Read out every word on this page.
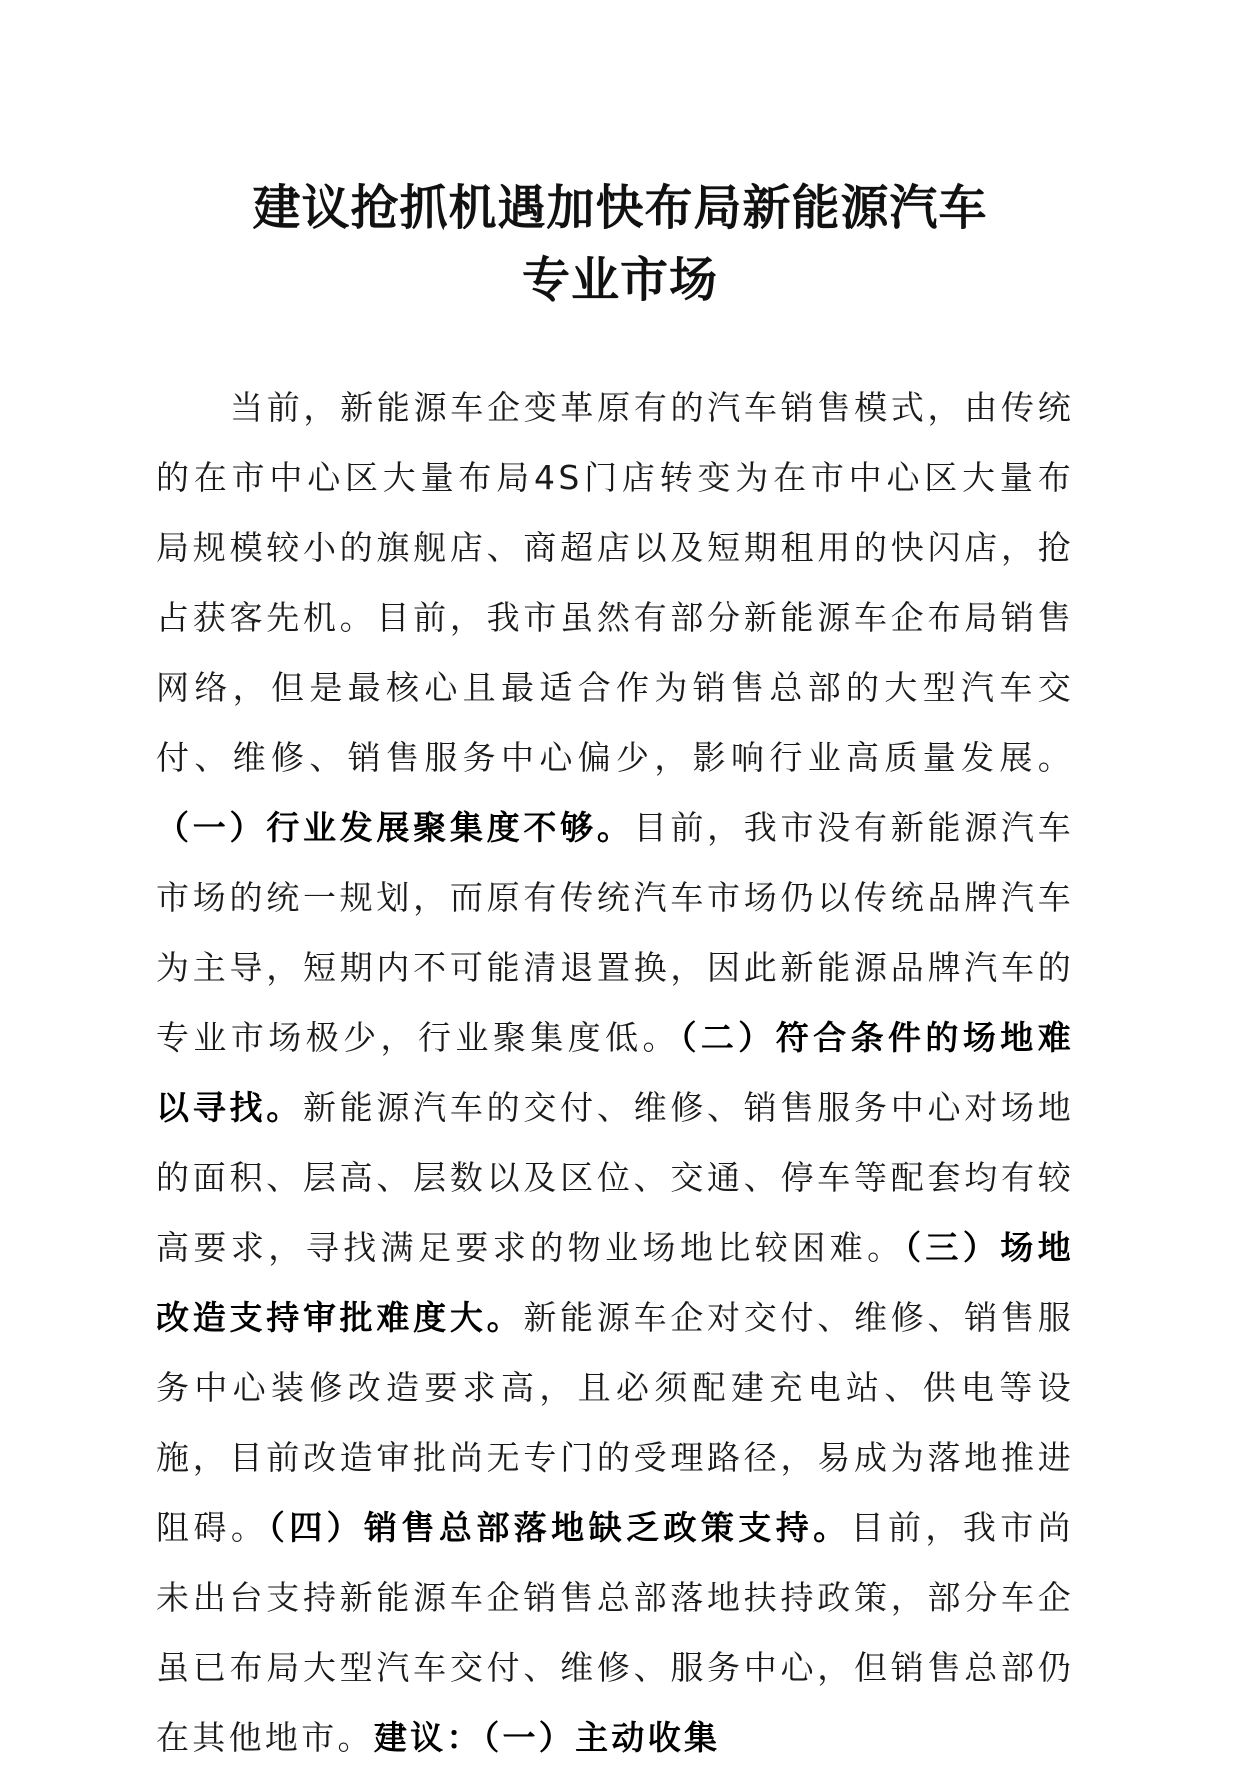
建议抢抓机遇加快布局新能源汽车
专业市场

当前，新能源车企变革原有的汽车销售模式，由传统的在市中心区大量布局4S门店转变为在市中心区大量布局规模较小的旗舰店、商超店以及短期租用的快闪店，抢占获客先机。目前，我市虽然有部分新能源车企布局销售网络，但是最核心且最适合作为销售总部的大型汽车交付、维修、销售服务中心偏少，影响行业高质量发展。（一）行业发展聚集度不够。目前，我市没有新能源汽车市场的统一规划，而原有传统汽车市场仍以传统品牌汽车为主导，短期内不可能清退置换，因此新能源品牌汽车的专业市场极少，行业聚集度低。（二）符合条件的场地难以寻找。新能源汽车的交付、维修、销售服务中心对场地的面积、层高、层数以及区位、交通、停车等配套均有较高要求，寻找满足要求的物业场地比较困难。（三）场地改造支持审批难度大。新能源车企对交付、维修、销售服务中心装修改造要求高，且必须配建充电站、供电等设施，目前改造审批尚无专门的受理路径，易成为落地推进阻碍。（四）销售总部落地缺乏政策支持。目前，我市尚未出台支持新能源车企销售总部落地扶持政策，部分车企虽已布局大型汽车交付、维修、服务中心，但销售总部仍在其他地市。建议：（一）主动收集
